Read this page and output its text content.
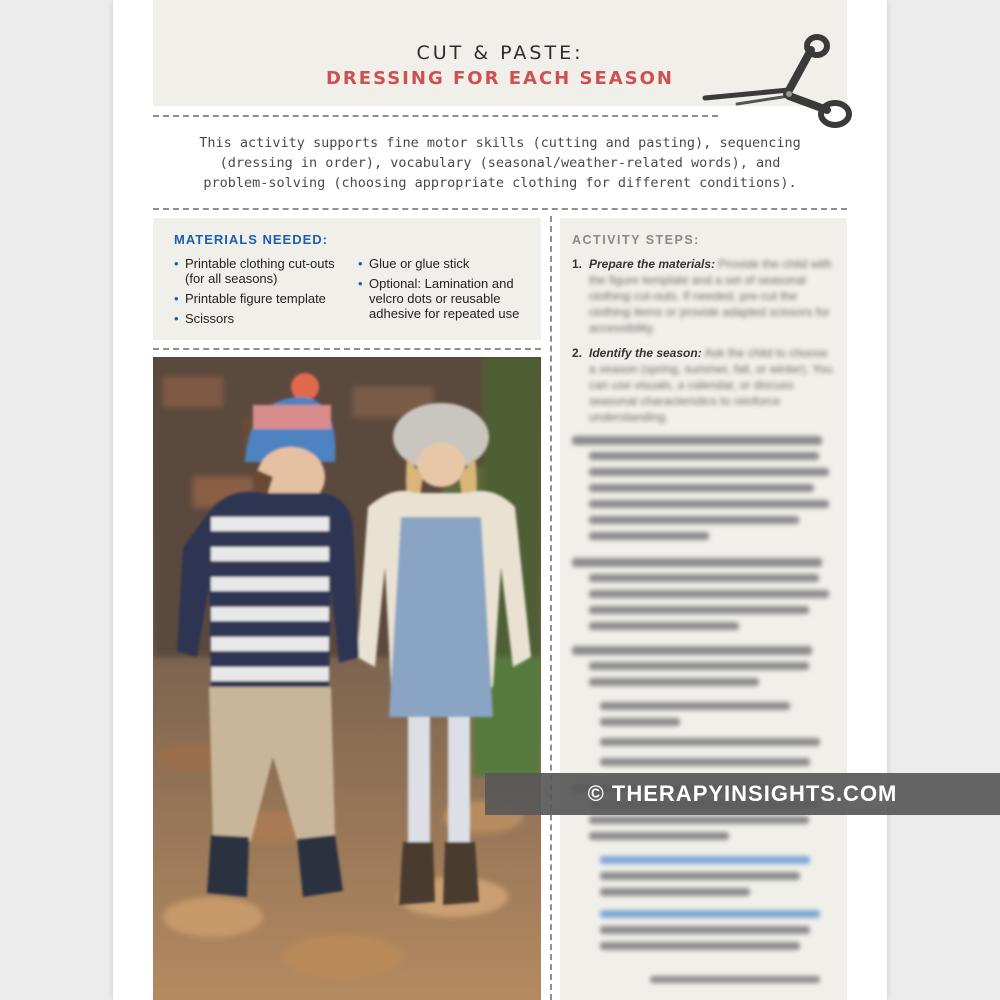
CUT & PASTE:
DRESSING FOR EACH SEASON
This activity supports fine motor skills (cutting and pasting), sequencing (dressing in order), vocabulary (seasonal/weather-related words), and problem-solving (choosing appropriate clothing for different conditions).
MATERIALS NEEDED:
• Printable clothing cut-outs (for all seasons)
• Printable figure template
• Scissors
• Glue or glue stick
• Optional: Lamination and velcro dots or reusable adhesive for repeated use
ACTIVITY STEPS:
1. Prepare the materials: Provide the child with the figure template and a set of seasonal clothing cut-outs. If needed, pre-cut the clothing items or provide adapted scissors for accessibility.
2. Identify the season: Ask the child to choose a season (spring, summer, fall, or winter). You can use visuals, a calendar, or discuss seasonal characteristics to reinforce understanding.
© THERAPYINSIGHTS.COM
